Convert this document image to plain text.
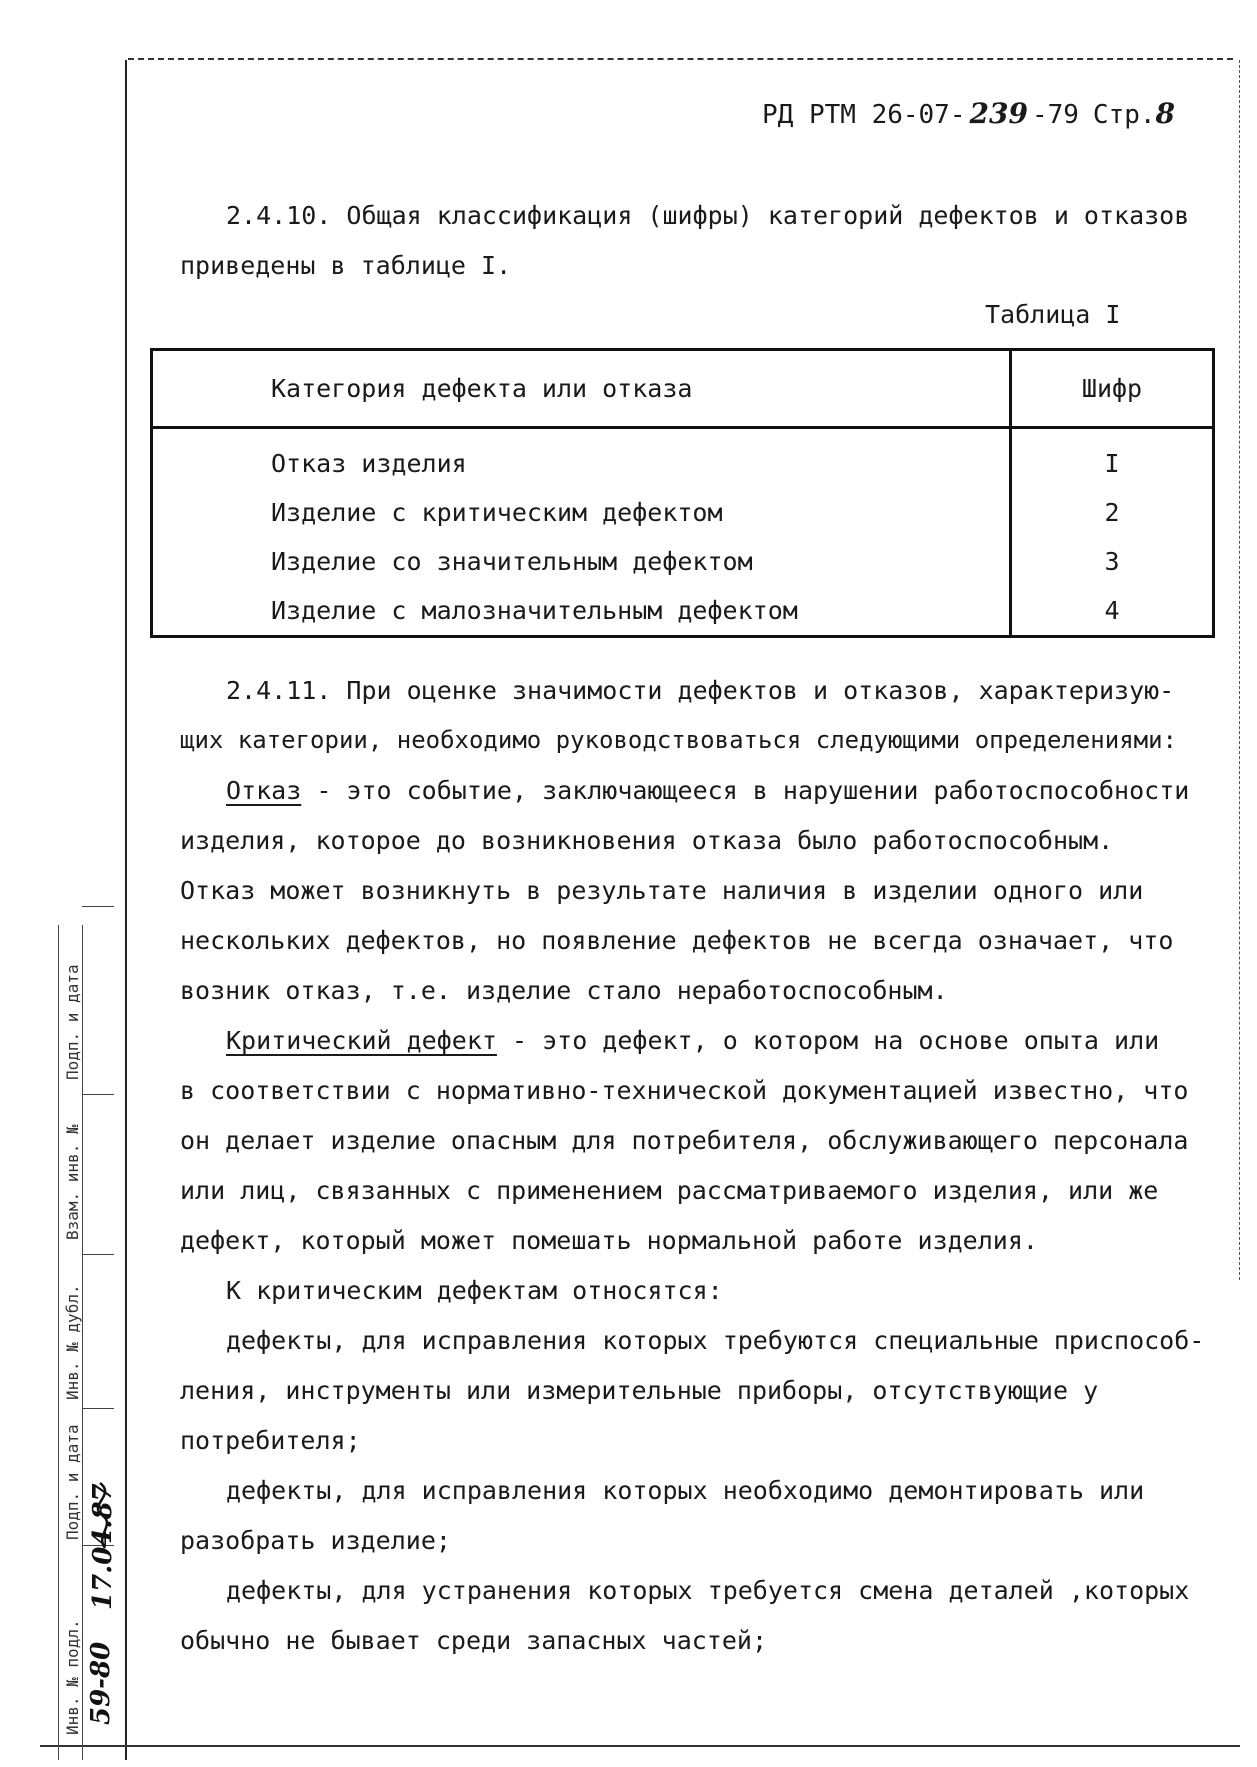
РД РТМ 26-07- 239 -79 Стр.8
2.4.10. Общая классификация (шифры) категорий дефектов и отказов
приведены в таблице I.
Таблица I
Категория дефекта или отказа	Шифр
Отказ изделия	I
Изделие с критическим дефектом	2
Изделие со значительным дефектом	3
Изделие с малозначительным дефектом	4
2.4.11. При оценке значимости дефектов и отказов, характеризую-
щих категории, необходимо руководствоваться следующими определениями:
Отказ - это событие, заключающееся в нарушении работоспособности
изделия, которое до возникновения отказа было работоспособным.
Отказ может возникнуть в результате наличия в изделии одного или
нескольких дефектов, но появление дефектов не всегда означает, что
возник отказ, т.е. изделие стало неработоспособным.
Критический дефект - это дефект, о котором на основе опыта или
в соответствии с нормативно-технической документацией известно, что
он делает изделие опасным для потребителя, обслуживающего персонала
или лиц, связанных с применением рассматриваемого изделия, или же
дефект, который может помешать нормальной работе изделия.
К критическим дефектам относятся:
дефекты, для исправления которых требуются специальные приспособ-
ления, инструменты или измерительные приборы, отсутствующие у
потребителя;
дефекты, для исправления которых необходимо демонтировать или
разобрать изделие;
дефекты, для устранения которых требуется смена деталей ,которых
обычно не бывает среди запасных частей;
Подп. и дата
Взам. инв. №
Инв. № дубл.
Подп. и дата
Инв. № подл. 59-80
17.04.87
